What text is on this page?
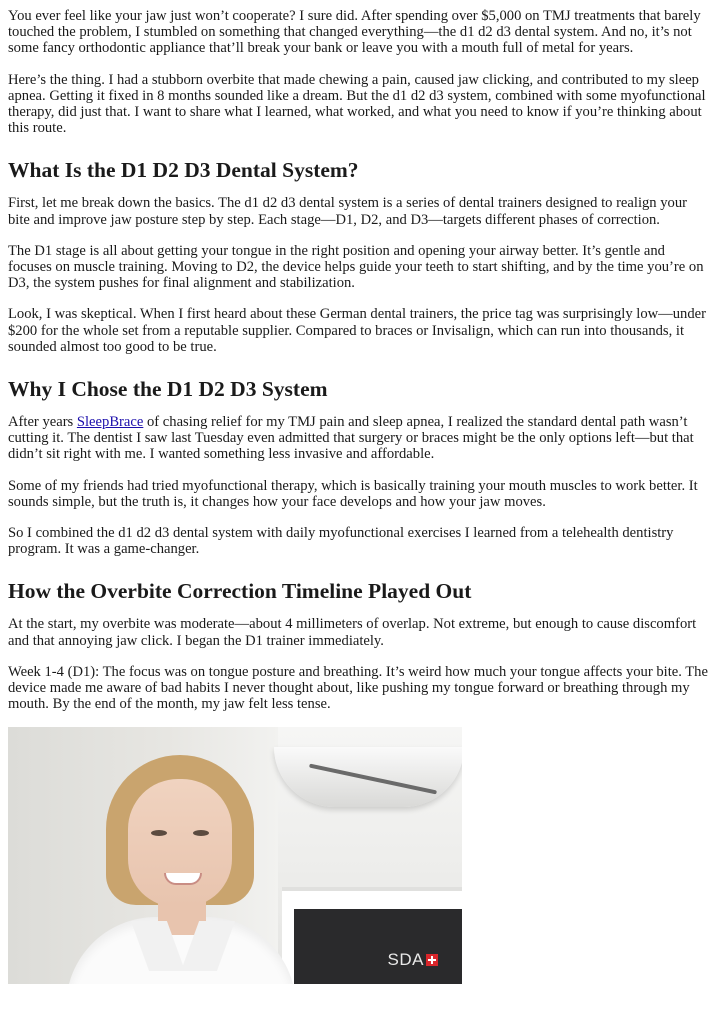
You ever feel like your jaw just won’t cooperate? I sure did. After spending over $5,000 on TMJ treatments that barely touched the problem, I stumbled on something that changed everything—the d1 d2 d3 dental system. And no, it’s not some fancy orthodontic appliance that’ll break your bank or leave you with a mouth full of metal for years.

Here’s the thing. I had a stubborn overbite that made chewing a pain, caused jaw clicking, and contributed to my sleep apnea. Getting it fixed in 8 months sounded like a dream. But the d1 d2 d3 system, combined with some myofunctional therapy, did just that. I want to share what I learned, what worked, and what you need to know if you’re thinking about this route.

What Is the D1 D2 D3 Dental System?

First, let me break down the basics. The d1 d2 d3 dental system is a series of dental trainers designed to realign your bite and improve jaw posture step by step. Each stage—D1, D2, and D3—targets different phases of correction.

The D1 stage is all about getting your tongue in the right position and opening your airway better. It’s gentle and focuses on muscle training. Moving to D2, the device helps guide your teeth to start shifting, and by the time you’re on D3, the system pushes for final alignment and stabilization.

Look, I was skeptical. When I first heard about these German dental trainers, the price tag was surprisingly low—under $200 for the whole set from a reputable supplier. Compared to braces or Invisalign, which can run into thousands, it sounded almost too good to be true.

Why I Chose the D1 D2 D3 System

After years SleepBrace of chasing relief for my TMJ pain and sleep apnea, I realized the standard dental path wasn’t cutting it. The dentist I saw last Tuesday even admitted that surgery or braces might be the only options left—but that didn’t sit right with me. I wanted something less invasive and affordable.

Some of my friends had tried myofunctional therapy, which is basically training your mouth muscles to work better. It sounds simple, but the truth is, it changes how your face develops and how your jaw moves.

So I combined the d1 d2 d3 dental system with daily myofunctional exercises I learned from a telehealth dentistry program. It was a game-changer.

How the Overbite Correction Timeline Played Out

At the start, my overbite was moderate—about 4 millimeters of overlap. Not extreme, but enough to cause discomfort and that annoying jaw click. I began the D1 trainer immediately.

Week 1-4 (D1): The focus was on tongue posture and breathing. It’s weird how much your tongue affects your bite. The device made me aware of bad habits I never thought about, like pushing my tongue forward or breathing through my mouth. By the end of the month, my jaw felt less tense.

SDA
